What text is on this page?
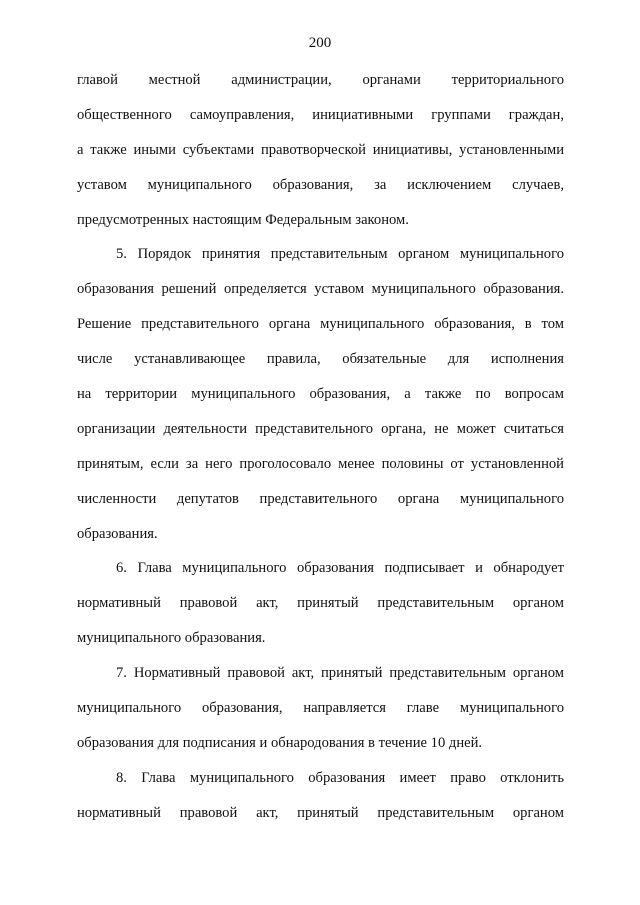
200

главой местной администрации, органами территориального
общественного самоуправления, инициативными группами граждан,
а также иными субъектами правотворческой инициативы, установленными
уставом муниципального образования, за исключением случаев,
предусмотренных настоящим Федеральным законом.

5. Порядок принятия представительным органом муниципального
образования решений определяется уставом муниципального образования.
Решение представительного органа муниципального образования, в том
числе устанавливающее правила, обязательные для исполнения
на территории муниципального образования, а также по вопросам
организации деятельности представительного органа, не может считаться
принятым, если за него проголосовало менее половины от установленной
численности депутатов представительного органа муниципального
образования.

6. Глава муниципального образования подписывает и обнародует
нормативный правовой акт, принятый представительным органом
муниципального образования.

7. Нормативный правовой акт, принятый представительным органом
муниципального образования, направляется главе муниципального
образования для подписания и обнародования в течение 10 дней.

8. Глава муниципального образования имеет право отклонить
нормативный правовой акт, принятый представительным органом
